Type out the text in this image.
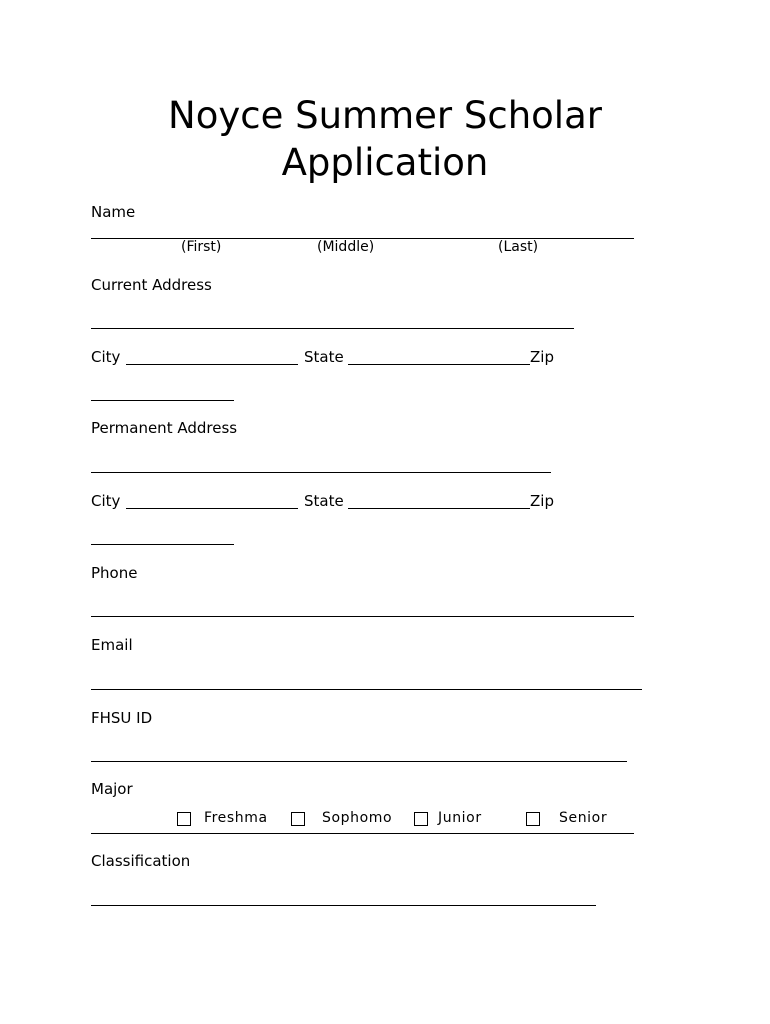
Noyce Summer Scholar
Application
Name
(First)	(Middle)	(Last)
Current Address
City	State	Zip
Permanent Address
City	State	Zip
Phone
Email
FHSU ID
Major
Freshma	Sophomo	Junior	Senior
Classification
